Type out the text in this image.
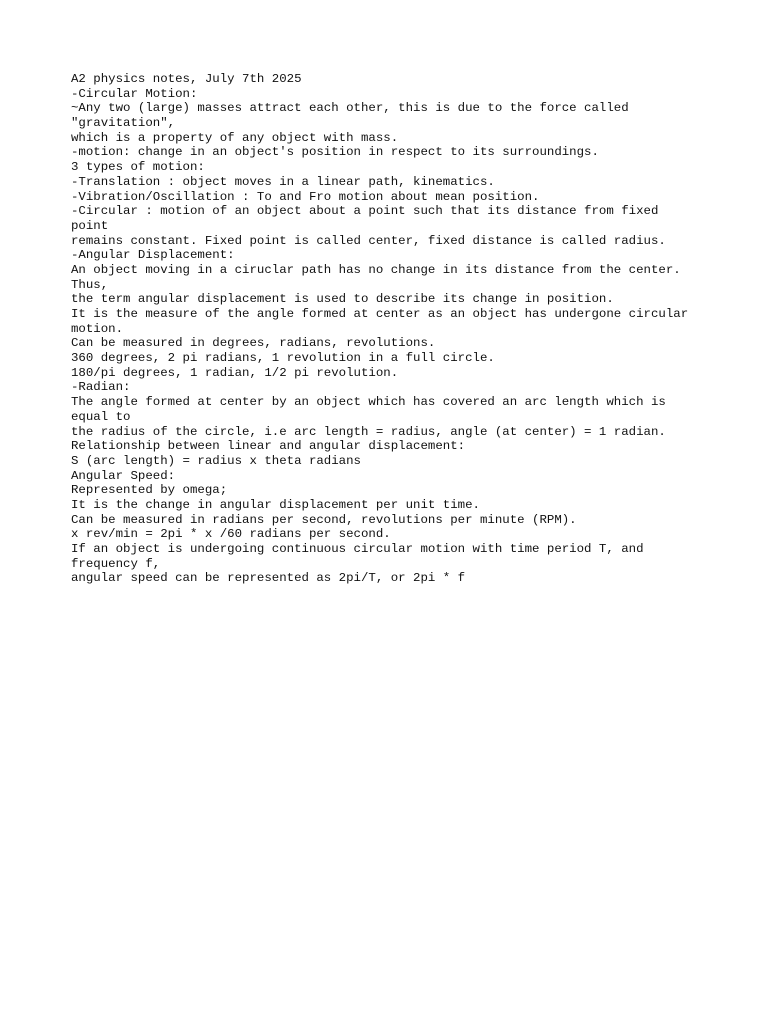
A2 physics notes, July 7th 2025
-Circular Motion:
~Any two (large) masses attract each other, this is due to the force called
"gravitation",
which is a property of any object with mass.
-motion: change in an object's position in respect to its surroundings.
3 types of motion:
-Translation : object moves in a linear path, kinematics.
-Vibration/Oscillation : To and Fro motion about mean position.
-Circular : motion of an object about a point such that its distance from fixed
point
remains constant. Fixed point is called center, fixed distance is called radius.
-Angular Displacement:
An object moving in a ciruclar path has no change in its distance from the center.
Thus,
the term angular displacement is used to describe its change in position.
It is the measure of the angle formed at center as an object has undergone circular
motion.
Can be measured in degrees, radians, revolutions.
360 degrees, 2 pi radians, 1 revolution in a full circle.
180/pi degrees, 1 radian, 1/2 pi revolution.
-Radian:
The angle formed at center by an object which has covered an arc length which is
equal to
the radius of the circle, i.e arc length = radius, angle (at center) = 1 radian.
Relationship between linear and angular displacement:
S (arc length) = radius x theta radians
Angular Speed:
Represented by omega;
It is the change in angular displacement per unit time.
Can be measured in radians per second, revolutions per minute (RPM).
x rev/min = 2pi * x /60 radians per second.
If an object is undergoing continuous circular motion with time period T, and
frequency f,
angular speed can be represented as 2pi/T, or 2pi * f
